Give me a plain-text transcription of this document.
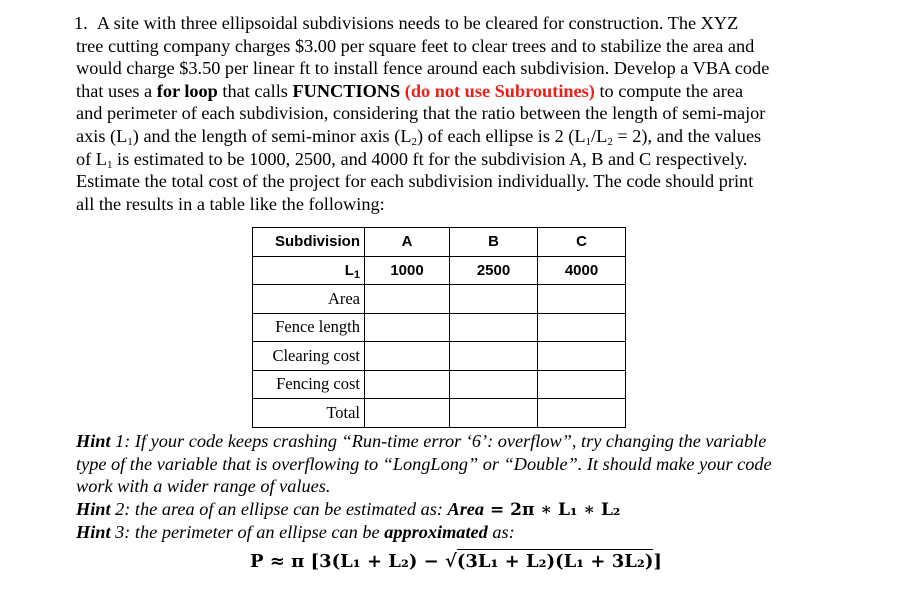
1. A site with three ellipsoidal subdivisions needs to be cleared for construction. The XYZ
tree cutting company charges $3.00 per square feet to clear trees and to stabilize the area and
would charge $3.50 per linear ft to install fence around each subdivision. Develop a VBA code
that uses a for loop that calls FUNCTIONS (do not use Subroutines) to compute the area
and perimeter of each subdivision, considering that the ratio between the length of semi-major
axis $(L_1)$ and the length of semi-minor axis $(L_2)$ of each ellipse is 2 $(L_1/L_2 = 2)$, and the values
of $L_1$ is estimated to be 1000, 2500, and 4000 ft for the subdivision A, B and C respectively.
Estimate the total cost of the project for each subdivision individually. The code should print
all the results in a table like the following:
Subdivision	A	B	C
$L_1$	1000	2500	4000
Area			
Fence length			
Clearing cost			
Fencing cost			
Total			
Hint 1: If your code keeps crashing “Run-time error ‘6’: overflow”, try changing the variable
type of the variable that is overflowing to “LongLong” or “Double”. It should make your code
work with a wider range of values.
Hint 2: the area of an ellipse can be estimated as: Area = 2π ∗ L₁ ∗ L₂
Hint 3: the perimeter of an ellipse can be approximated as:
P ≈ π [3(L₁ + L₂) − √(3L₁ + L₂)(L₁ + 3L₂)]
